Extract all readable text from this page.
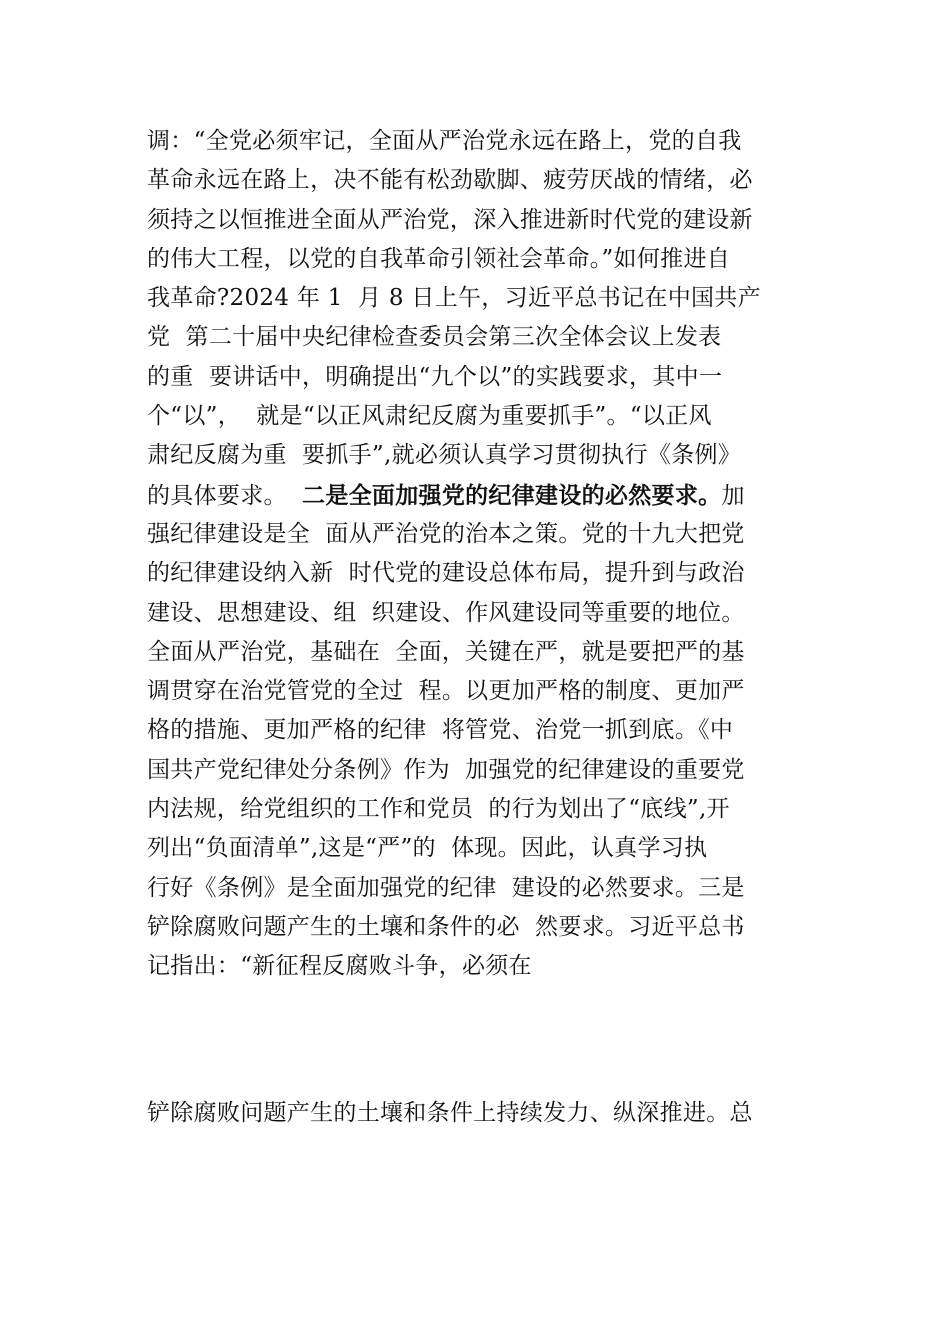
调：“全党必须牢记，全面从严治党永远在路上，党的自我
革命永远在路上，决不能有松劲歇脚、疲劳厌战的情绪，必
须持之以恒推进全面从严治党，深入推进新时代党的建设新
的伟大工程，以党的自我革命引领社会革命。”如何推进自
我革命?2024 年 1  月 8 日上午，习近平总书记在中国共产
党  第二十届中央纪律检查委员会第三次全体会议上发表
的重  要讲话中，明确提出“九个以”的实践要求，其中一
个“以”，  就是“以正风肃纪反腐为重要抓手”。“以正风
肃纪反腐为重  要抓手”,就必须认真学习贯彻执行《条例》
的具体要求。  二是全面加强党的纪律建设的必然要求。加
强纪律建设是全  面从严治党的治本之策。党的十九大把党
的纪律建设纳入新  时代党的建设总体布局，提升到与政治
建设、思想建设、组  织建设、作风建设同等重要的地位。
全面从严治党，基础在  全面，关键在严，就是要把严的基
调贯穿在治党管党的全过  程。以更加严格的制度、更加严
格的措施、更加严格的纪律  将管党、治党一抓到底。《中
国共产党纪律处分条例》作为  加强党的纪律建设的重要党
内法规，给党组织的工作和党员  的行为划出了“底线”,开
列出“负面清单”,这是“严”的  体现。因此，认真学习执
行好《条例》是全面加强党的纪律  建设的必然要求。三是
铲除腐败问题产生的土壤和条件的必  然要求。习近平总书
记指出：“新征程反腐败斗争，必须在
铲除腐败问题产生的土壤和条件上持续发力、纵深推进。总
